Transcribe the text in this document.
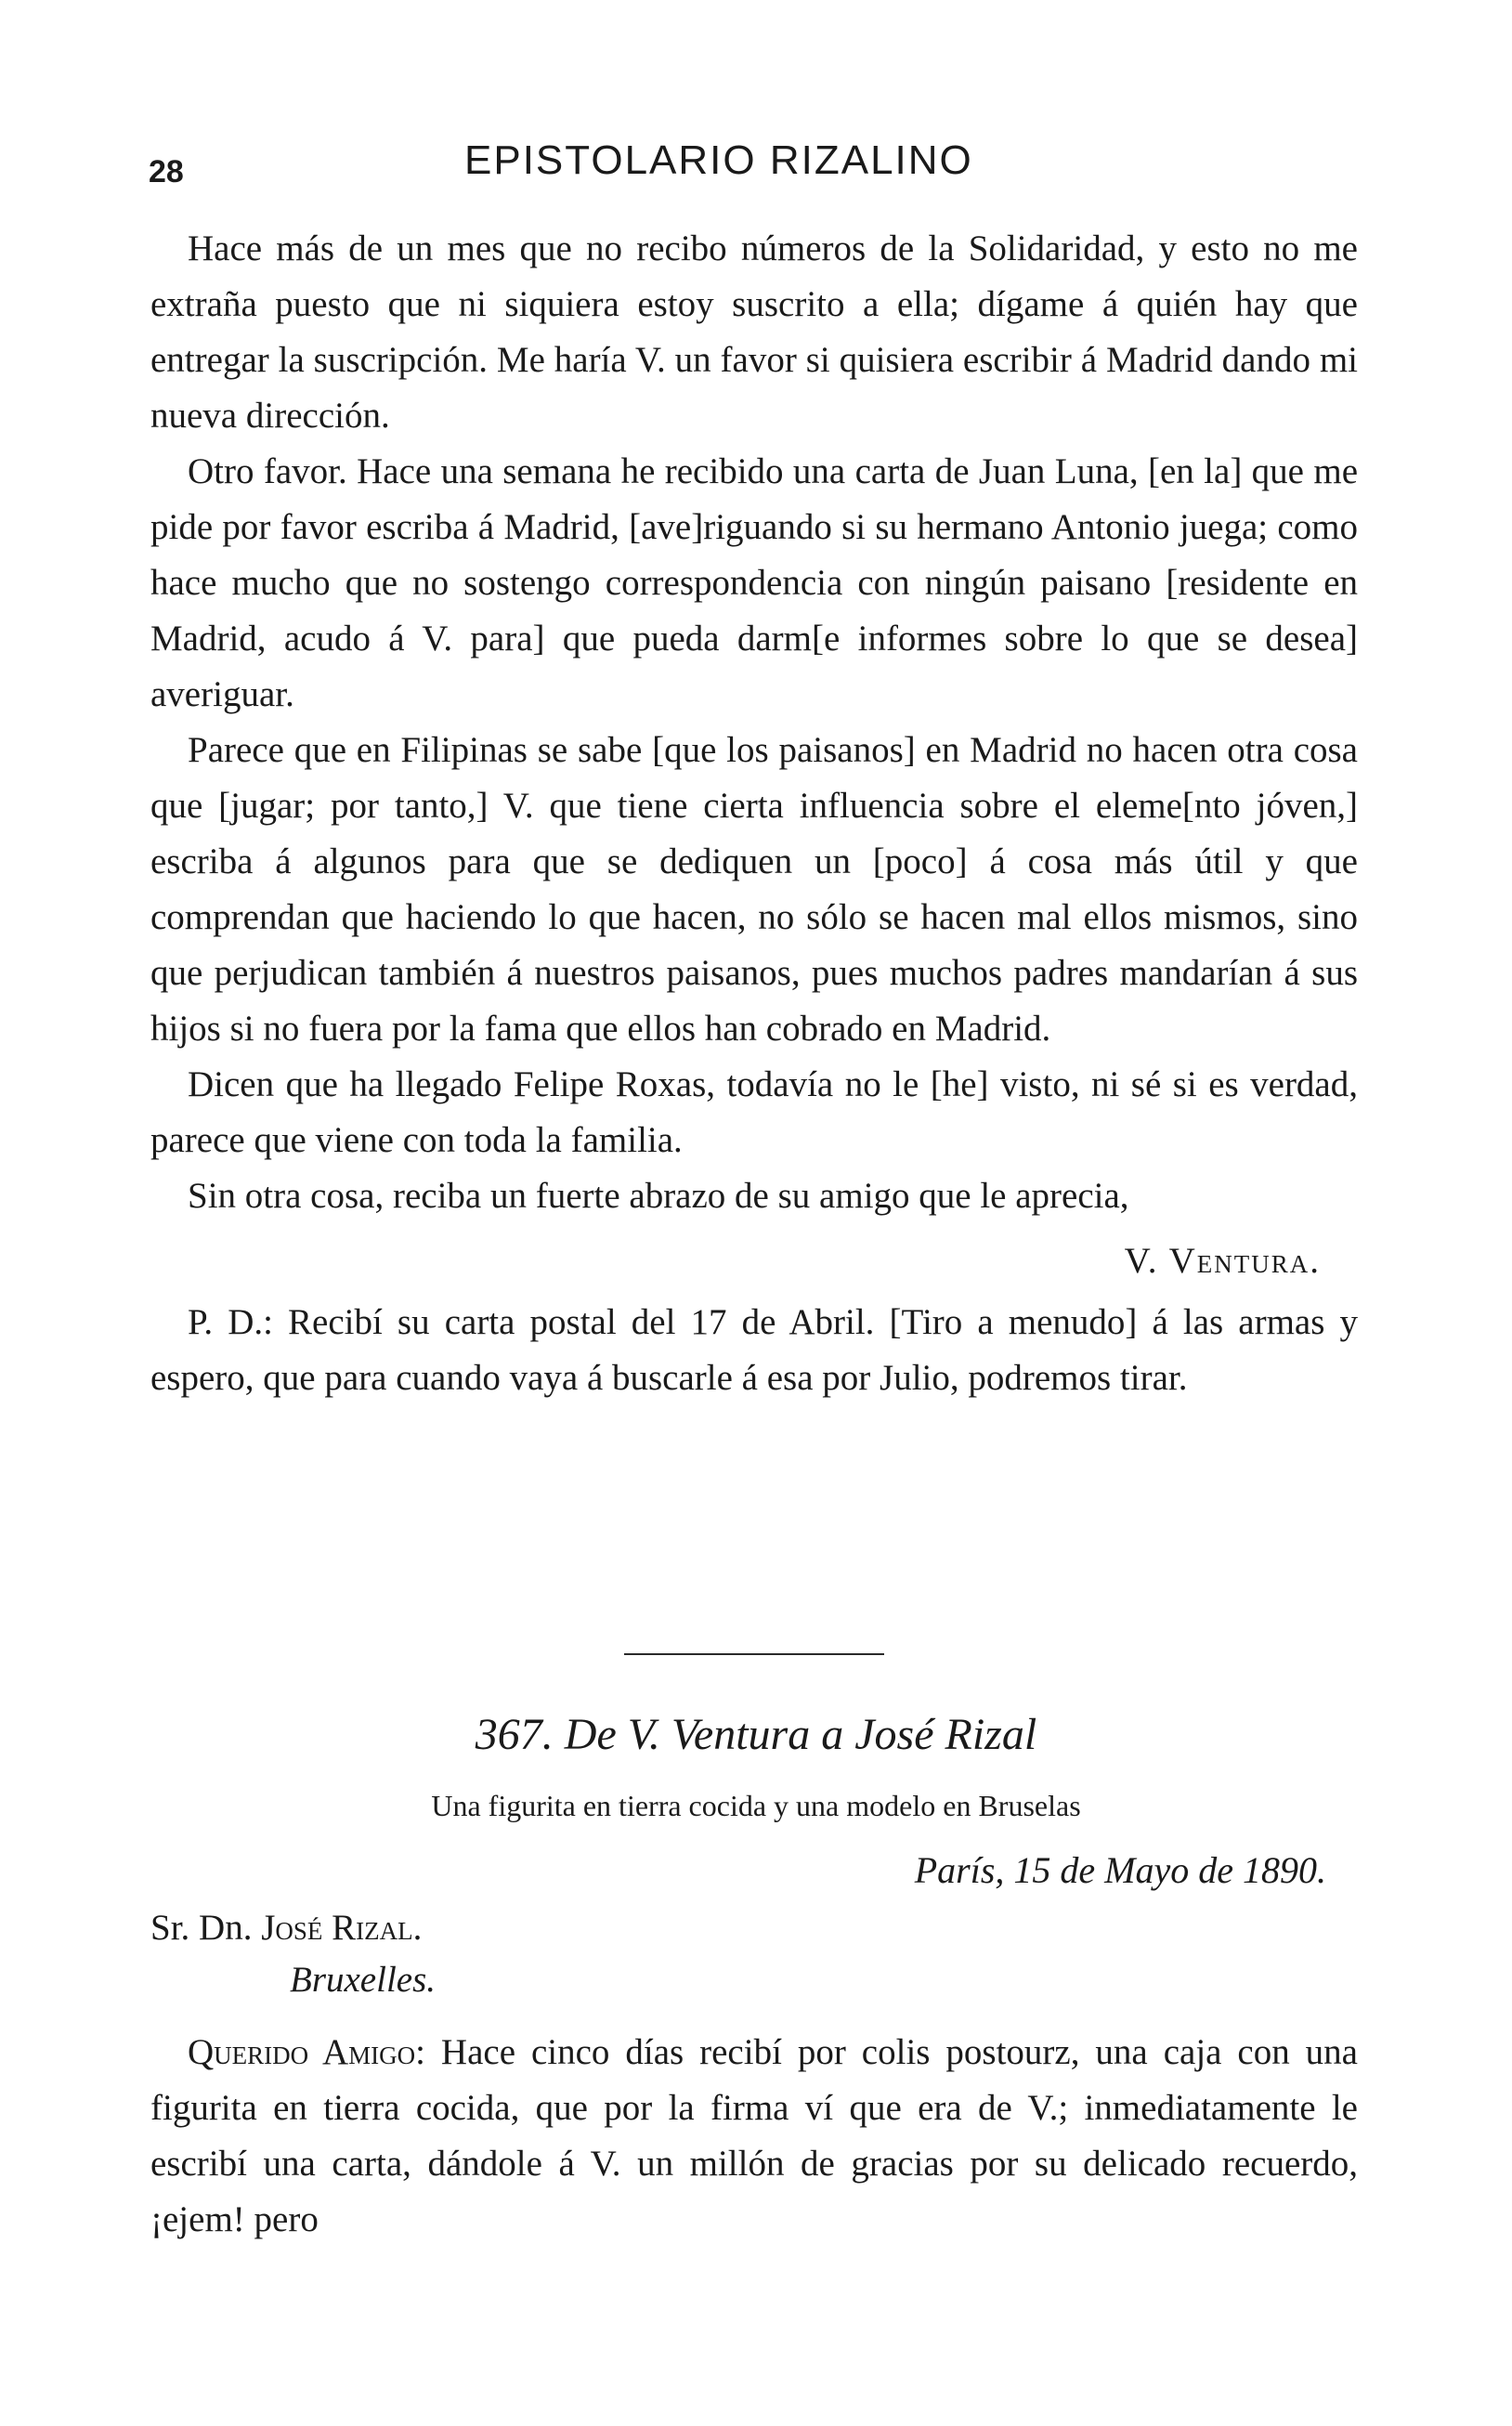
28	EPISTOLARIO RIZALINO

Hace más de un mes que no recibo números de la Solidaridad, y esto no me extraña puesto que ni siquiera estoy suscrito a ella; dígame á quién hay que entregar la suscripción. Me haría V. un favor si quisiera escribir á Madrid dando mi nueva dirección.

Otro favor. Hace una semana he recibido una carta de Juan Luna, [en la] que me pide por favor escriba á Madrid, [ave]riguando si su hermano Antonio juega; como hace mucho que no sostengo correspondencia con ningún paisano [residente en Madrid, acudo á V. para] que pueda darm[e informes sobre lo que se desea] averiguar.

Parece que en Filipinas se sabe [que los paisanos] en Madrid no hacen otra cosa que [jugar; por tanto,] V. que tiene cierta influencia sobre el eleme[nto jóven,] escriba á algunos para que se dediquen un [poco] á cosa más útil y que comprendan que haciendo lo que hacen, no sólo se hacen mal ellos mismos, sino que perjudican también á nuestros paisanos, pues muchos padres mandarían á sus hijos si no fuera por la fama que ellos han cobrado en Madrid.

Dicen que ha llegado Felipe Roxas, todavía no le [he] visto, ni sé si es verdad, parece que viene con toda la familia.

Sin otra cosa, reciba un fuerte abrazo de su amigo que le aprecia,

V. Ventura.

P. D.: Recibí su carta postal del 17 de Abril. [Tiro a menudo] á las armas y espero, que para cuando vaya á buscarle á esa por Julio, podremos tirar.

367. De V. Ventura a José Rizal
Una figurita en tierra cocida y una modelo en Bruselas
París, 15 de Mayo de 1890.
Sr. Dn. José Rizal.
Bruxelles.

Querido Amigo: Hace cinco días recibí por colis postourz, una caja con una figurita en tierra cocida, que por la firma ví que era de V.; inmediatamente le escribí una carta, dándole á V. un millón de gracias por su delicado recuerdo, ¡ejem! pero
